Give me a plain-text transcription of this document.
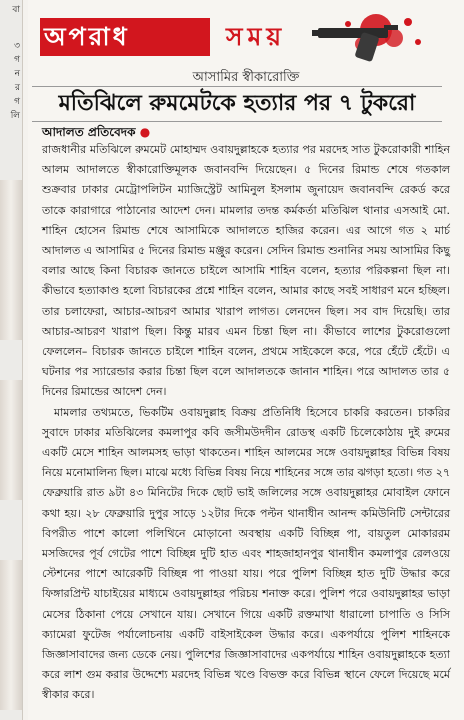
বা
৩
গ
ন
র
গ
লি
অপরাধ	সময়
আসামির স্বীকারোক্তি
মতিঝিলে রুমমেটকে হত্যার পর ৭ টুকরো
আদালত প্রতিবেদক ●

রাজধানীর মতিঝিলে রুমমেট মোহাম্মদ ওবায়দুল্লাহকে হত্যার পর মরদেহ সাত টুকরোকারী শাহিন আলম আদালতে স্বীকারোক্তিমূলক জবানবন্দি দিয়েছেন। ৫ দিনের রিমান্ড শেষে গতকাল শুক্রবার ঢাকার মেট্রোপলিটন ম্যাজিস্ট্রেট আমিনুল ইসলাম জুনায়েদ জবানবন্দি রেকর্ড করে তাকে কারাগারে পাঠানোর আদেশ দেন। মামলার তদন্ত কর্মকর্তা মতিঝিল থানার এসআই মো. শাহিন হোসেন রিমান্ড শেষে আসামিকে আদালতে হাজির করেন। এর আগে গত ২ মার্চ আদালত এ আসামির ৫ দিনের রিমান্ড মঞ্জুর করেন। সেদিন রিমান্ড শুনানির সময় আসামির কিছু বলার আছে কিনা বিচারক জানতে চাইলে আসামি শাহিন বলেন, হত্যার পরিকল্পনা ছিল না। কীভাবে হত্যাকাণ্ড হলো বিচারকের প্রশ্নে শাহিন বলেন, আমার কাছে সবই সাধারণ মনে হচ্ছিল। তার চলাফেরা, আচার-আচরণ আমার খারাপ লাগত। লেনদেন ছিল। সব বাদ দিয়েছি। তার আচার-আচরণ খারাপ ছিল। কিন্তু মারব এমন চিন্তা ছিল না। কীভাবে লাশের টুকরোগুলো ফেললেন– বিচারক জানতে চাইলে শাহিন বলেন, প্রথমে সাইকেলে করে, পরে হেঁটে হেঁটে। এ ঘটনার পর স্যারেন্ডার করার চিন্তা ছিল বলে আদালতকে জানান শাহিন। পরে আদালত তার ৫ দিনের রিমান্ডের আদেশ দেন।

মামলার তথ্যমতে, ভিকটিম ওবায়দুল্লাহ বিক্রয় প্রতিনিধি হিসেবে চাকরি করতেন। চাকরির সুবাদে ঢাকার মতিঝিলের কমলাপুর কবি জসীমউদদীন রোডস্থ একটি চিলেকোঠায় দুই রুমের একটি মেসে শাহিন আলমসহ ভাড়া থাকতেন। শাহিন আলমের সঙ্গে ওবায়দুল্লাহর বিভিন্ন বিষয় নিয়ে মনোমালিন্য ছিল। মাঝে মধ্যে বিভিন্ন বিষয় নিয়ে শাহিনের সঙ্গে তার ঝগড়া হতো। গত ২৭ ফেব্রুয়ারি রাত ৯টা ৪৩ মিনিটের দিকে ছোট ভাই জলিলের সঙ্গে ওবায়দুল্লাহর মোবাইল ফোনে কথা হয়। ২৮ ফেব্রুয়ারি দুপুর সাড়ে ১২টার দিকে পল্টন থানাধীন আনন্দ কমিউনিটি সেন্টারের বিপরীত পাশে কালো পলিথিনে মোড়ানো অবস্থায় একটি বিচ্ছিন্ন পা, বায়তুল মোকাররম মসজিদের পূর্ব গেটের পাশে বিচ্ছিন্ন দুটি হাত এবং শাহজাহানপুর থানাধীন কমলাপুর রেলওয়ে স্টেশনের পাশে আরেকটি বিচ্ছিন্ন পা পাওয়া যায়। পরে পুলিশ বিচ্ছিন্ন হাত দুটি উদ্ধার করে ফিঙ্গারপ্রিন্ট যাচাইয়ের মাধ্যমে ওবায়দুল্লাহর পরিচয় শনাক্ত করে। পুলিশ পরে ওবায়দুল্লাহর ভাড়া মেসের ঠিকানা পেয়ে সেখানে যায়। সেখানে গিয়ে একটি রক্তমাখা ধারালো চাপাতি ও সিসি ক্যামেরা ফুটেজ পর্যালোচনায় একটি বাইসাইকেল উদ্ধার করে। একপর্যায়ে পুলিশ শাহিনকে জিজ্ঞাসাবাদের জন্য ডেকে নেয়। পুলিশের জিজ্ঞাসাবাদের একপর্যায়ে শাহিন ওবায়দুল্লাহকে হত্যা করে লাশ গুম করার উদ্দেশ্যে মরদেহ বিভিন্ন খণ্ডে বিভক্ত করে বিভিন্ন স্থানে ফেলে দিয়েছে মর্মে স্বীকার করে।
